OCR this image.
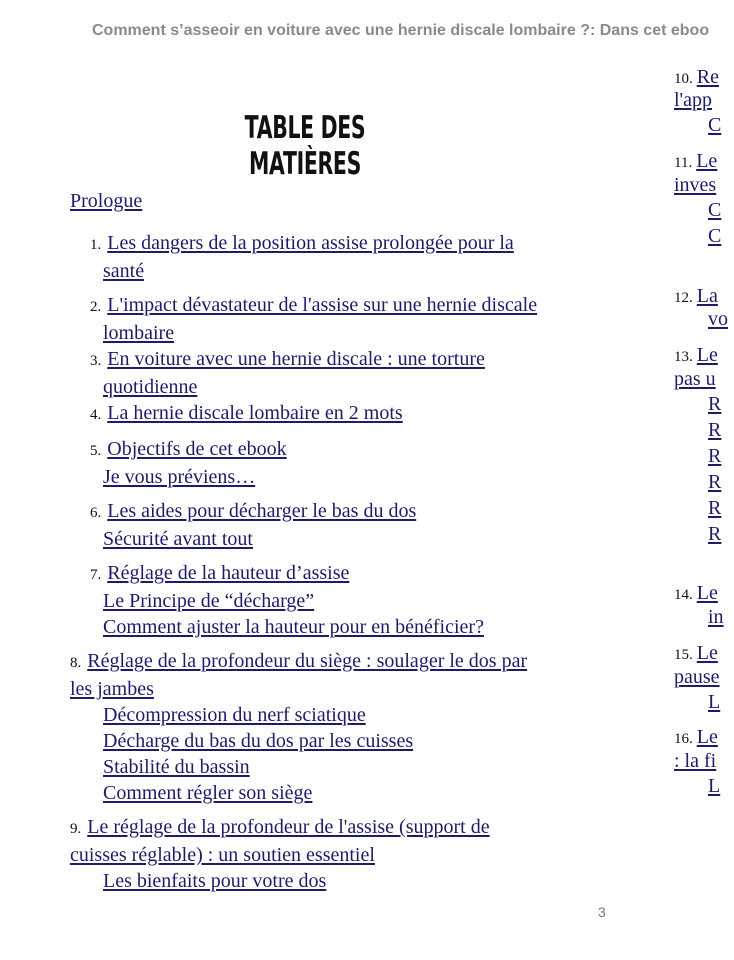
Comment s’asseoir en voiture avec une hernie discale lombaire ?: Dans cet eboo
TABLE DES MATIÈRES
Prologue
1. Les dangers de la position assise prolongée pour la santé
2. L'impact dévastateur de l'assise sur une hernie discale lombaire
3. En voiture avec une hernie discale : une torture quotidienne
4. La hernie discale lombaire en 2 mots
5. Objectifs de cet ebook
Je vous préviens…
6. Les aides pour décharger le bas du dos
Sécurité avant tout
7. Réglage de la hauteur d’assise
Le Principe de “décharge”
Comment ajuster la hauteur pour en bénéficier?
8. Réglage de la profondeur du siège : soulager le dos par les jambes
Décompression du nerf sciatique
Décharge du bas du dos par les cuisses
Stabilité du bassin
Comment régler son siège
9. Le réglage de la profondeur de l'assise (support de cuisses réglable) : un soutien essentiel
Les bienfaits pour votre dos
10. Re
l'app
C
11. Le
inves
C
C
12. La
vo
13. Le
pas u
R
R
R
R
R
R
14. Le
in
15. Le
pause
L
16. Le
: la fi
L
3
